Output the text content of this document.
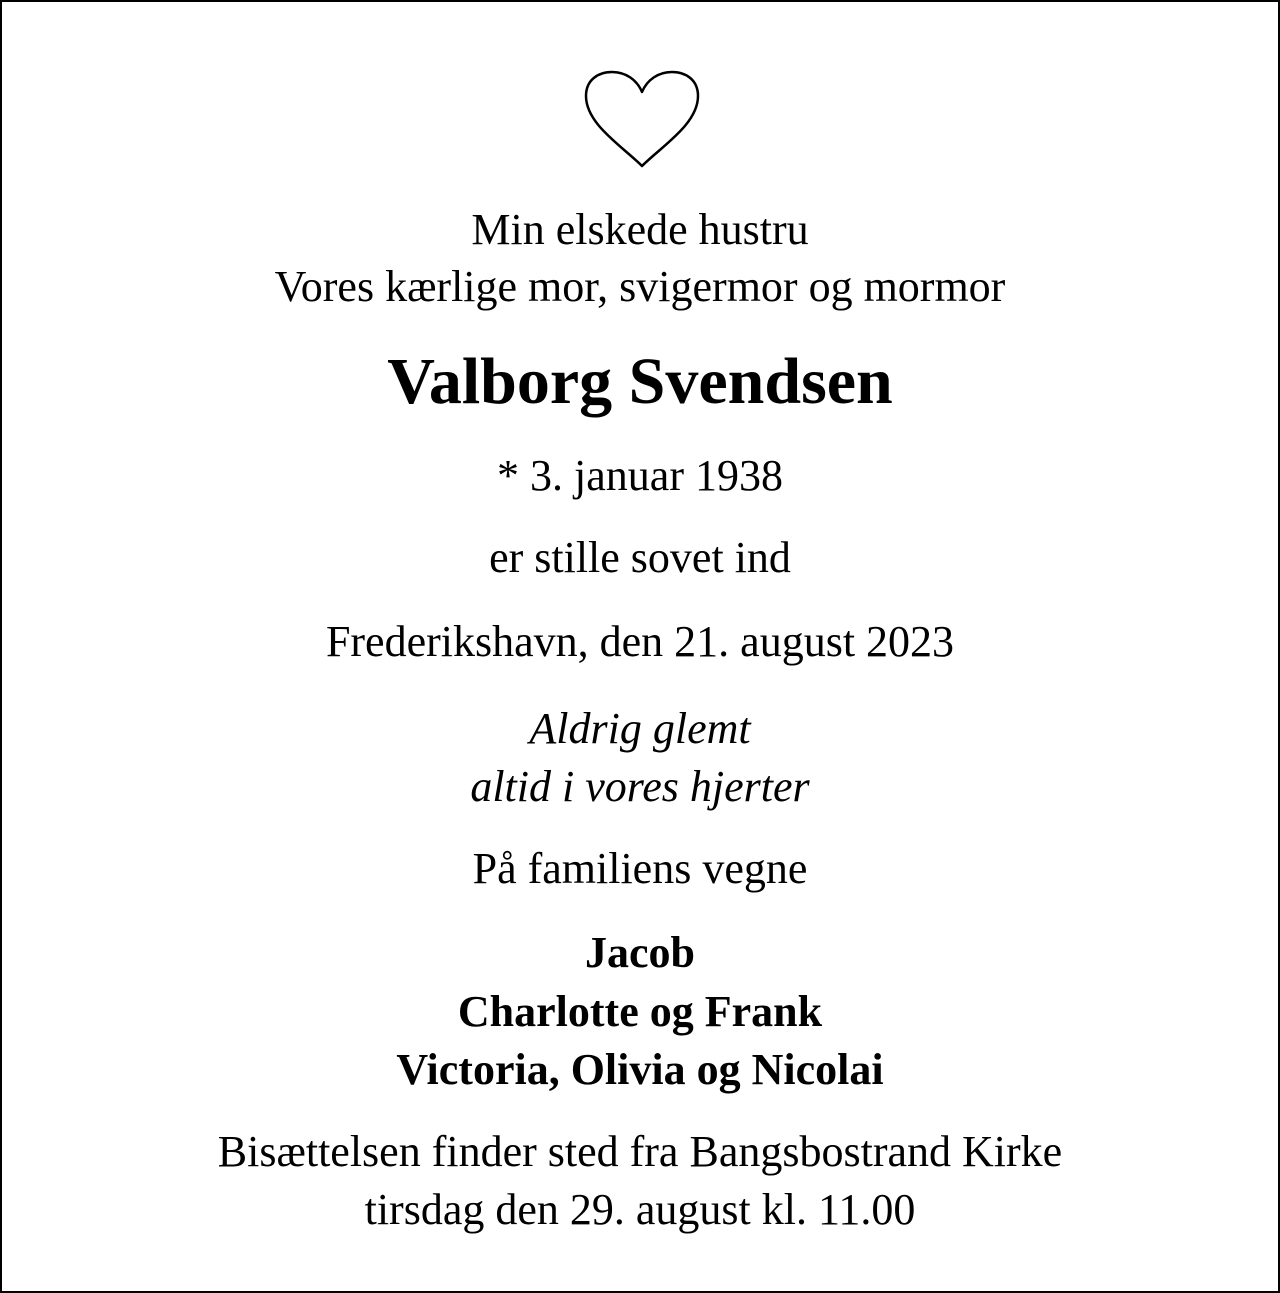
Min elskede hustru
Vores kærlige mor, svigermor og mormor
Valborg Svendsen
* 3. januar 1938
er stille sovet ind
Frederikshavn, den 21. august 2023
Aldrig glemt
altid i vores hjerter
På familiens vegne
Jacob
Charlotte og Frank
Victoria, Olivia og Nicolai
Bisættelsen finder sted fra Bangsbostrand Kirke
tirsdag den 29. august kl. 11.00
